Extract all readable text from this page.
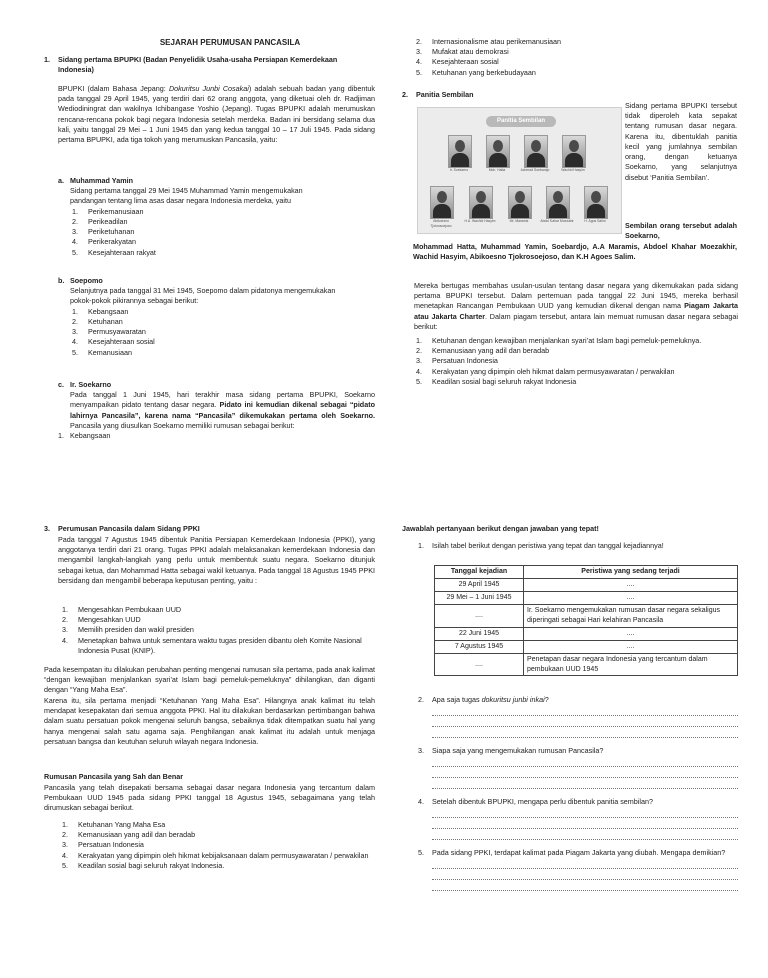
SEJARAH PERUMUSAN PANCASILA
1.	Sidang pertama BPUPKI (Badan Penyelidik Usaha-usaha Persiapan Kemerdekaan Indonesia)
BPUPKI (dalam Bahasa Jepang: Dokuritsu Junbi Cosakai) adalah sebuah badan yang dibentuk pada tanggal 29 April 1945, yang terdiri dari 62 orang anggota, yang diketuai oleh dr. Radjiman Wediodiningrat dan wakilnya Ichibangase Yoshio (Jepang). Tugas BPUPKI adalah merumuskan rencana-rencana pokok bagi negara Indonesia setelah merdeka. Badan ini bersidang selama dua kali, yaitu tanggal 29 Mei – 1 Juni 1945 dan yang kedua tanggal 10 – 17 Juli 1945. Pada sidang pertama BPUPKI, ada tiga tokoh yang merumuskan Pancasila, yaitu:
a. Muhammad Yamin
Sidang pertama tanggal 29 Mei 1945 Muhammad Yamin mengemukakan pandangan tentang lima asas dasar negara Indonesia merdeka, yaitu
1.	Perikemanusiaan
2.	Perikeadilan
3.	Periketuhanan
4.	Perikerakyatan
5.	Kesejahteraan rakyat
b. Soepomo
Selanjutnya pada tanggal 31 Mei 1945, Soepomo dalam pidatonya mengemukakan pokok-pokok pikirannya sebagai berikut:
1.	Kebangsaan
2.	Ketuhanan
3.	Permusyawaratan
4.	Kesejahteraan sosial
5.	Kemanusiaan
c. Ir. Soekarno
Pada tanggal 1 Juni 1945, hari terakhir masa sidang pertama BPUPKI, Soekarno menyampaikan pidato tentang dasar negara. Pidato ini kemudian dikenal sebagai “pidato lahirnya Pancasila”, karena nama “Pancasila” dikemukakan pertama oleh Soekarno. Pancasila yang diusulkan Soekarno memiliki rumusan sebagai berikut:
1. Kebangsaan
2.	Internasionalisme atau perikemanusiaan
3.	Mufakat atau demokrasi
4.	Kesejahteraan sosial
5.	Ketuhanan yang berkebudayaan
2.	Panitia Sembilan
Panitia Sembilan
Ir. Soekarno	Moh. Hatta	Achmad Soebardjo	Wachid Hasyim
Abikoesno Tjokrosoejoso
H.A. Wachid Hasyim	Mr. Maramis	Abdul Kahar Moezakir	H. Agus Salim
Sidang pertama BPUPKI tersebut tidak diperoleh kata sepakat tentang rumusan dasar negara. Karena itu, dibentuklah panitia kecil yang jumlahnya sembilan orang, dengan ketuanya Soekarno, yang selanjutnya disebut ‘Panitia Sembilan’.
Sembilan orang tersebut adalah Soekarno,
Mohammad Hatta, Muhammad Yamin, Soebardjo, A.A Maramis, Abdoel Khahar Moezakhir, Wachid Hasyim, Abikoesno Tjokrosoejoso, dan K.H Agoes Salim.
Mereka bertugas membahas usulan-usulan tentang dasar negara yang dikemukakan pada sidang pertama BPUPKI tersebut. Dalam pertemuan pada tanggal 22 Juni 1945, mereka berhasil menetapkan Rancangan Pembukaan UUD yang kemudian dikenal dengan nama Piagam Jakarta atau Jakarta Charter. Dalam piagam tersebut, antara lain memuat rumusan dasar negara sebagai berikut:
1.	Ketuhanan dengan kewajiban menjalankan syari’at Islam bagi pemeluk-pemeluknya.
2.	Kemanusiaan yang adil dan beradab
3.	Persatuan Indonesia
4.	Kerakyatan yang dipimpin oleh hikmat dalam permusyawaratan / perwakilan
5.	Keadilan sosial bagi seluruh rakyat Indonesia
3.	Perumusan Pancasila dalam Sidang PPKI
Pada tanggal 7 Agustus 1945 dibentuk Panitia Persiapan Kemerdekaan Indonesia (PPKI), yang anggotanya terdiri dari 21 orang. Tugas PPKI adalah melaksanakan kemerdekaan Indonesia dan mengambil langkah-langkah yang perlu untuk membentuk suatu negara. Soekarno ditunjuk sebagai ketua, dan Mohammad Hatta sebagai wakil ketuanya. Pada tanggal 18 Agustus 1945 PPKI bersidang dan mengambil beberapa keputusan penting, yaitu :
1.	Mengesahkan Pembukaan UUD
2.	Mengesahkan UUD
3.	Memilih presiden dan wakil presiden
4.	Menetapkan bahwa untuk sementara waktu tugas presiden dibantu oleh Komite Nasional Indonesia Pusat (KNIP).
Pada kesempatan itu dilakukan perubahan penting mengenai rumusan sila pertama, pada anak kalimat “dengan kewajiban menjalankan syari’at Islam bagi pemeluk-pemeluknya” dihilangkan, dan diganti dengan “Yang Maha Esa”.
Karena itu, sila pertama menjadi “Ketuhanan Yang Maha Esa”. Hilangnya anak kalimat itu telah mendapat kesepakatan dari semua anggota PPKI. Hal itu dilakukan berdasarkan pertimbangan bahwa dalam suatu persatuan pokok mengenai seluruh bangsa, sebaiknya tidak ditempatkan suatu hal yang hanya mengenai salah satu agama saja. Penghilangan anak kalimat itu adalah untuk menjaga persatuan bangsa dan keutuhan seluruh wilayah negara Indonesia.
Rumusan Pancasila yang Sah dan Benar
Pancasila yang telah disepakati bersama sebagai dasar negara Indonesia yang tercantum dalam Pembukaan UUD 1945 pada sidang PPKI tanggal 18 Agustus 1945, sebagaimana yang telah dirumuskan sebagai berikut.
1.	Ketuhanan Yang Maha Esa
2.	Kemanusiaan yang adil dan beradab
3.	Persatuan Indonesia
4.	Kerakyatan yang dipimpin oleh hikmat kebijaksanaan dalam permusyawaratan / perwakilan
5.	Keadilan sosial bagi seluruh rakyat Indonesia.
Jawablah pertanyaan berikut dengan jawaban yang tepat!
1.	Isilah tabel berikut dengan peristiwa yang tepat dan tanggal kejadiannya!
Tanggal kejadian	Peristiwa yang sedang terjadi
29 April 1945	....
29 Mei – 1 Juni 1945	....
....	Ir. Soekarno mengemukakan rumusan dasar negara sekaligus diperingati sebagai Hari kelahiran Pancasila
22 Juni 1945	....
7 Agustus 1945	....
....	Penetapan dasar negara Indonesia yang tercantum dalam pembukaan UUD 1945
2.	Apa saja tugas dokuritsu junbi inkai?
3.	Siapa saja yang mengemukakan rumusan Pancasila?
4.	Setelah dibentuk BPUPKI, mengapa perlu dibentuk panitia sembilan?
5.	Pada sidang PPKI, terdapat kalimat pada Piagam Jakarta yang diubah. Mengapa demikian?
